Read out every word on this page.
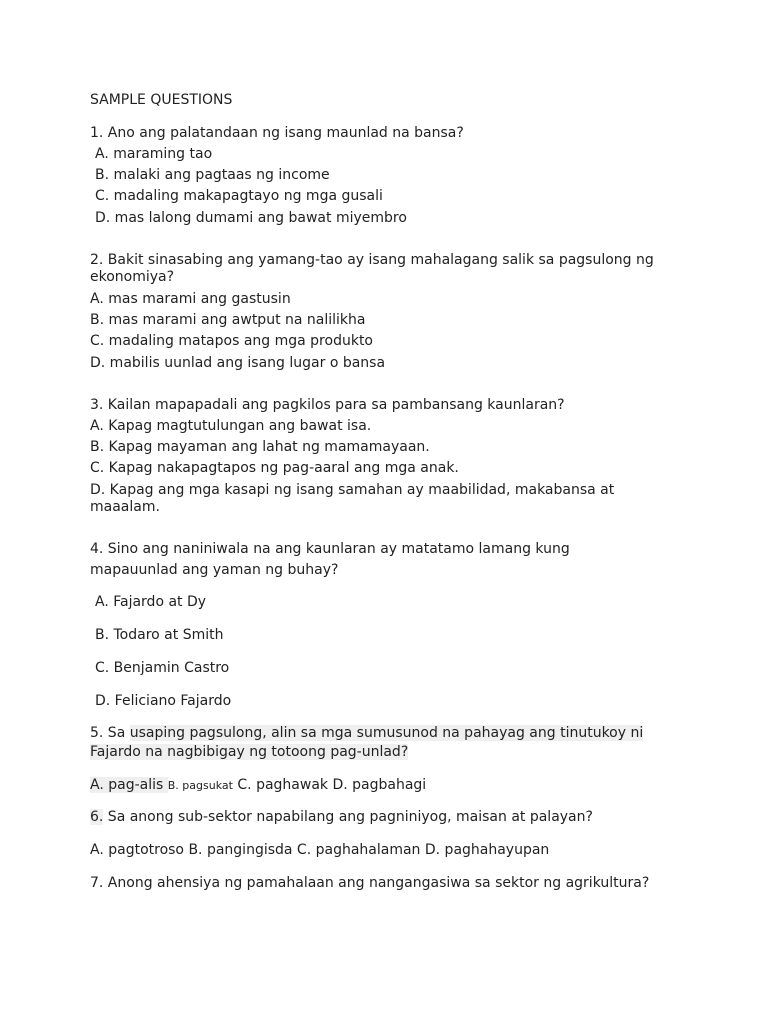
SAMPLE QUESTIONS
1. Ano ang palatandaan ng isang maunlad na bansa?
A. maraming tao
B. malaki ang pagtaas ng income
C. madaling makapagtayo ng mga gusali
D. mas lalong dumami ang bawat miyembro
2. Bakit sinasabing ang yamang-tao ay isang mahalagang salik sa pagsulong ng
ekonomiya?
A. mas marami ang gastusin
B. mas marami ang awtput na nalilikha
C. madaling matapos ang mga produkto
D. mabilis uunlad ang isang lugar o bansa
3. Kailan mapapadali ang pagkilos para sa pambansang kaunlaran?
A. Kapag magtutulungan ang bawat isa.
B. Kapag mayaman ang lahat ng mamamayaan.
C. Kapag nakapagtapos ng pag-aaral ang mga anak.
D. Kapag ang mga kasapi ng isang samahan ay maabilidad, makabansa at
maaalam.
4. Sino ang naniniwala na ang kaunlaran ay matatamo lamang kung
mapauunlad ang yaman ng buhay?
A. Fajardo at Dy
B. Todaro at Smith
C. Benjamin Castro
D. Feliciano Fajardo
5. Sa usaping pagsulong, alin sa mga sumusunod na pahayag ang tinutukoy ni
Fajardo na nagbibigay ng totoong pag-unlad?
A. pag-alis B. pagsukat C. paghawak D. pagbahagi
6. Sa anong sub-sektor napabilang ang pagniniyog, maisan at palayan?
A. pagtotroso B. pangingisda C. paghahalaman D. paghahayupan
7. Anong ahensiya ng pamahalaan ang nangangasiwa sa sektor ng agrikultura?
